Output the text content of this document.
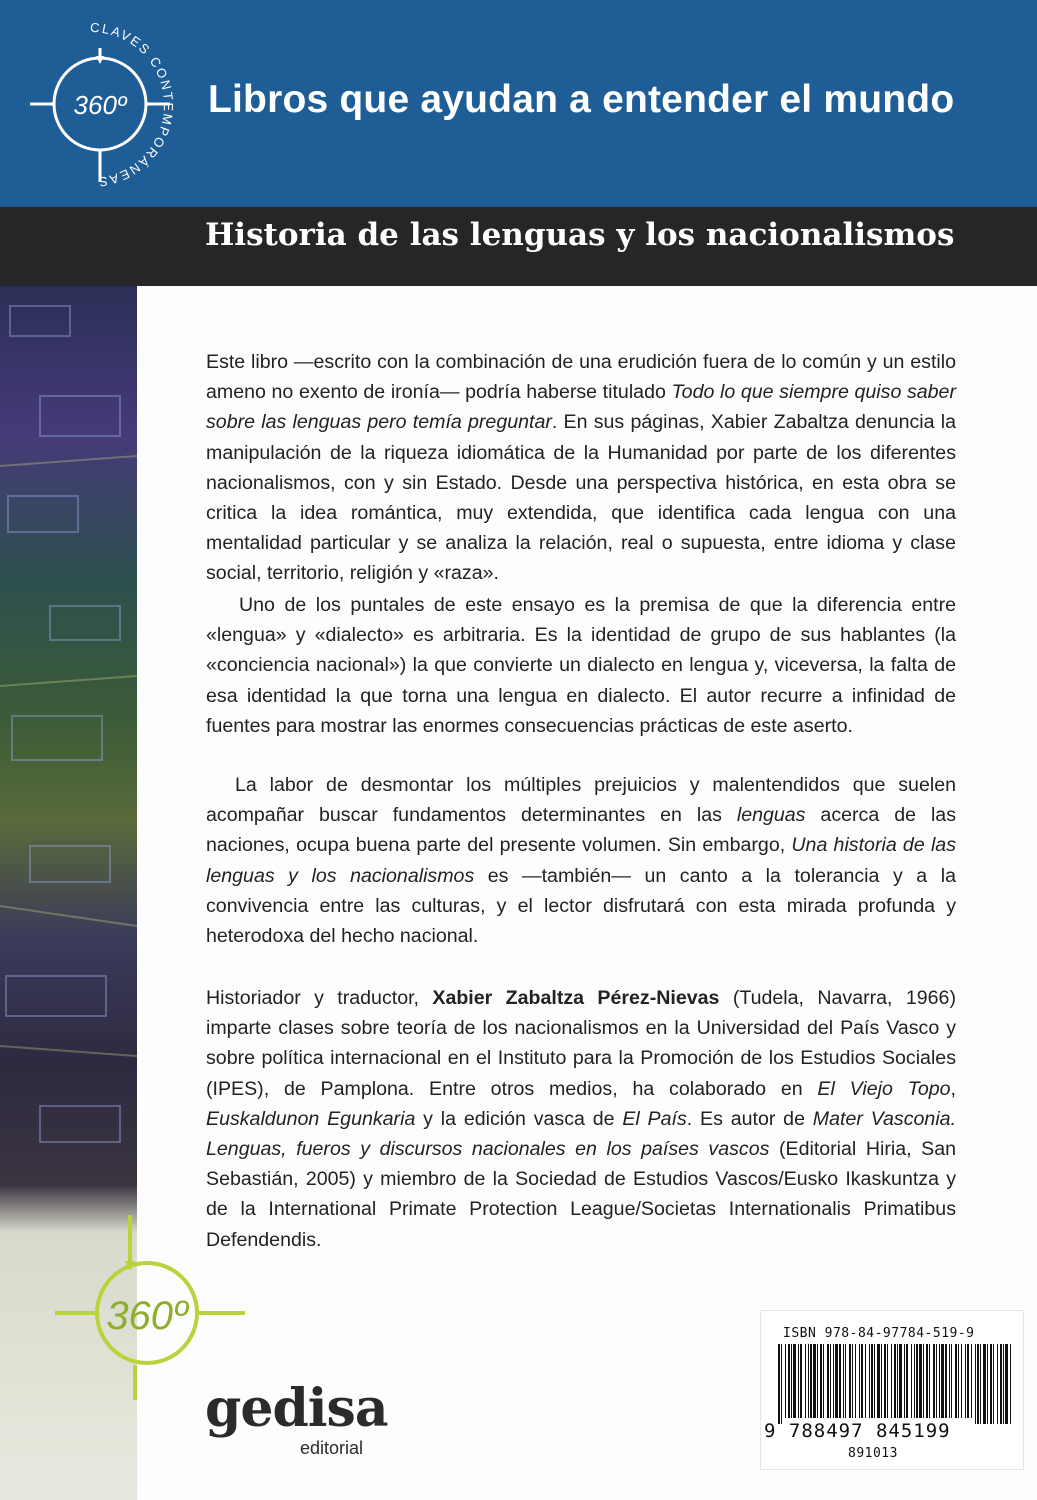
360º
CLAVES CONTEMPORÁNEAS
Libros que ayudan a entender el mundo
Historia de las lenguas y los nacionalismos
Este libro —escrito con la combinación de una erudición fuera de lo común y un estilo ameno no exento de ironía— podría haberse titulado Todo lo que siempre quiso saber sobre las lenguas pero temía preguntar. En sus páginas, Xabier Zabaltza denuncia la manipulación de la riqueza idiomática de la Humanidad por parte de los diferentes nacionalismos, con y sin Estado. Desde una perspectiva histórica, en esta obra se critica la idea romántica, muy extendida, que identifica cada lengua con una mentalidad particular y se analiza la relación, real o supuesta, entre idioma y clase social, territorio, religión y «raza».
Uno de los puntales de este ensayo es la premisa de que la diferencia entre «lengua» y «dialecto» es arbitraria. Es la identidad de grupo de sus hablantes (la «conciencia nacional») la que convierte un dialecto en lengua y, viceversa, la falta de esa identidad la que torna una lengua en dialecto. El autor recurre a infinidad de fuentes para mostrar las enormes consecuencias prácticas de este aserto.
La labor de desmontar los múltiples prejuicios y malentendidos que suelen acompañar buscar fundamentos determinantes en las lenguas acerca de las naciones, ocupa buena parte del presente volumen. Sin embargo, Una historia de las lenguas y los nacionalismos es —también— un canto a la tolerancia y a la convivencia entre las culturas, y el lector disfrutará con esta mirada profunda y heterodoxa del hecho nacional.
Historiador y traductor, Xabier Zabaltza Pérez-Nievas (Tudela, Navarra, 1966) imparte clases sobre teoría de los nacionalismos en la Universidad del País Vasco y sobre política internacional en el Instituto para la Promoción de los Estudios Sociales (IPES), de Pamplona. Entre otros medios, ha colaborado en El Viejo Topo, Euskaldunon Egunkaria y la edición vasca de El País. Es autor de Mater Vasconia. Lenguas, fueros y discursos nacionales en los países vascos (Editorial Hiria, San Sebastián, 2005) y miembro de la Sociedad de Estudios Vascos/Eusko Ikaskuntza y de la International Primate Protection League/Societas Internationalis Primatibus Defendendis.
360º
gedisa
editorial
ISBN 978-84-97784-519-9
9 788497 845199
891013
